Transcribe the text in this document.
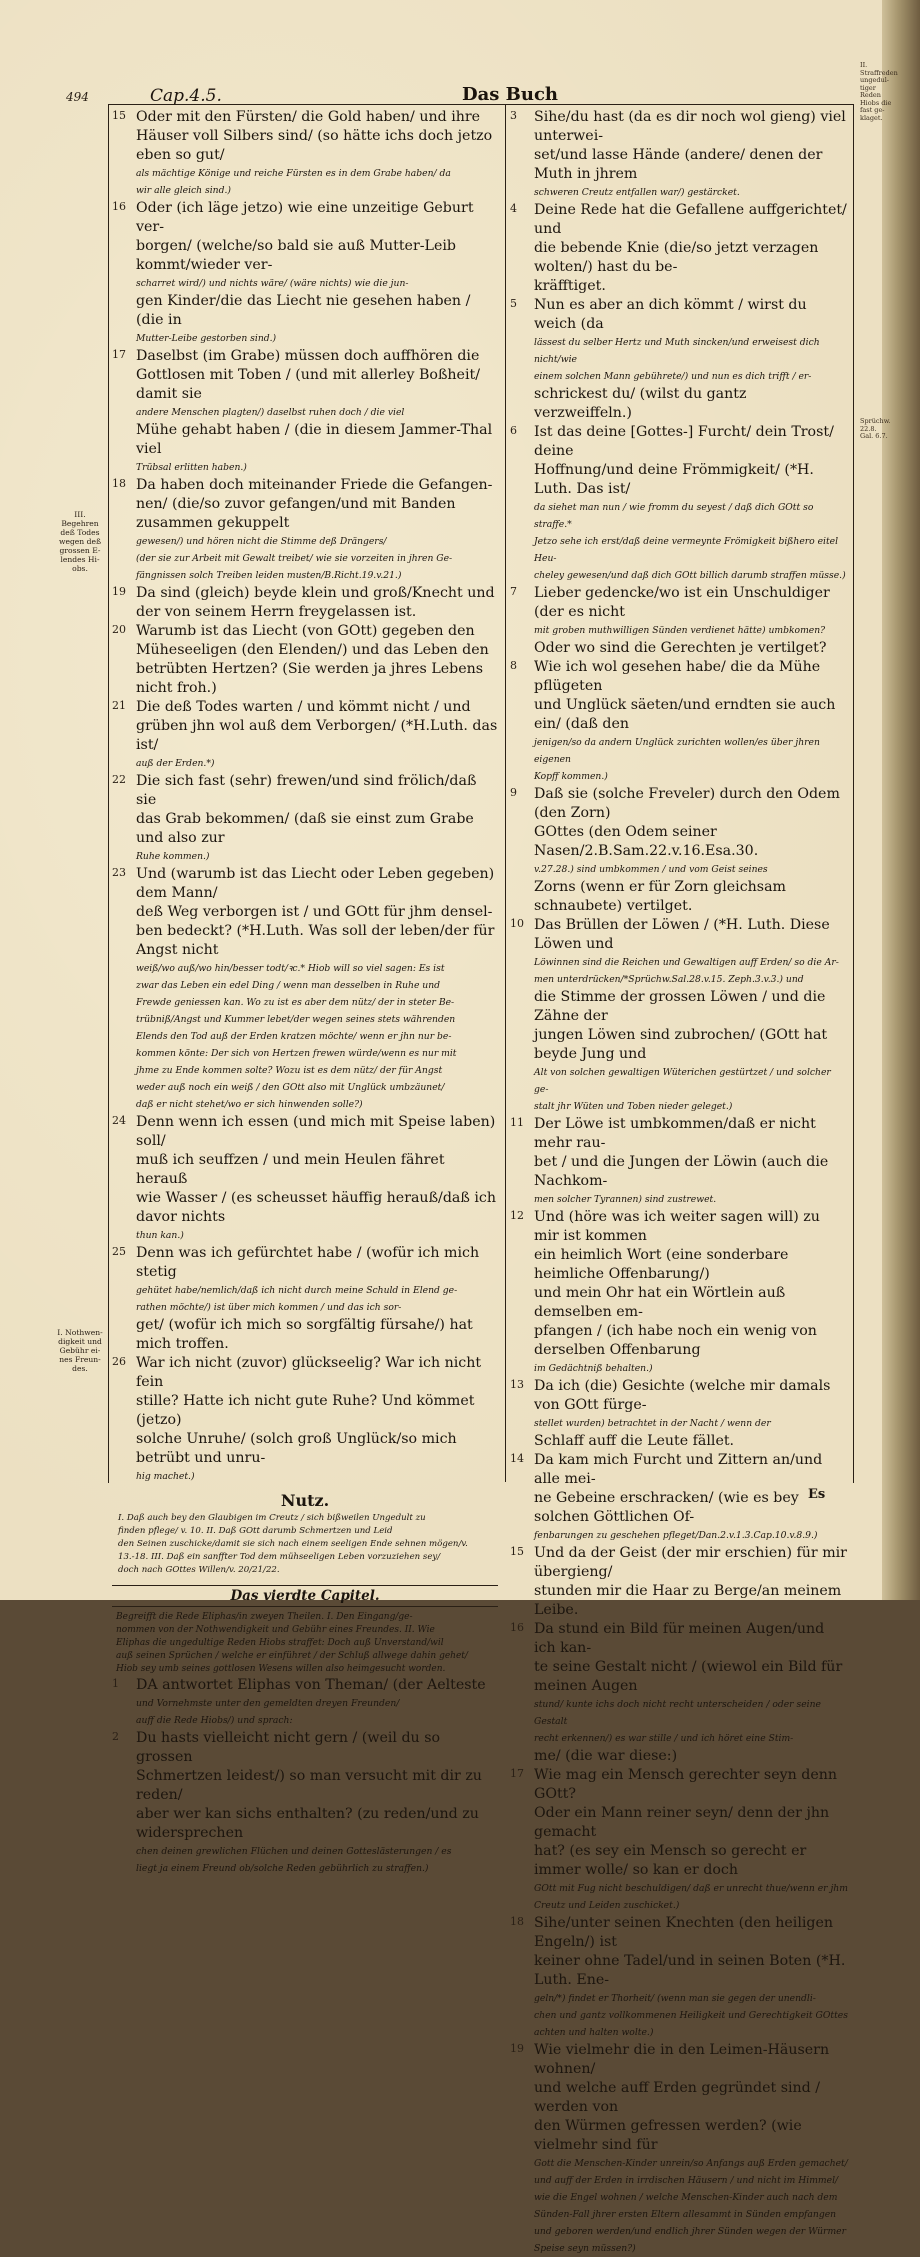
494	Cap.4.5.	Das Buch
III. Begehren deß Todes wegen deß grossen E- lendes Hi- obs.
I. Nothwen- digkeit und Gebühr ei- nes Freun- des.
15 Oder mit den Fürsten/ die Gold haben/ und ihre
Häuser voll Silbers sind/ (so hätte ichs doch jetzo eben so gut/
als mächtige Könige und reiche Fürsten es in dem Grabe haben/ da
wir alle gleich sind.)
16 Oder (ich läge jetzo) wie eine unzeitige Geburt ver-
borgen/ (welche/so bald sie auß Mutter-Leib kommt/wieder ver-
scharret wird/) und nichts wäre/ (wäre nichts) wie die jun-
gen Kinder/die das Liecht nie gesehen haben / (die in
Mutter-Leibe gestorben sind.)
17 Daselbst (im Grabe) müssen doch auffhören die
Gottlosen mit Toben / (und mit allerley Boßheit/ damit sie
andere Menschen plagten/) daselbst ruhen doch / die viel
Mühe gehabt haben / (die in diesem Jammer-Thal viel
Trübsal erlitten haben.)
18 Da haben doch miteinander Friede die Gefangen-
nen/ (die/so zuvor gefangen/und mit Banden zusammen gekuppelt
gewesen/) und hören nicht die Stimme deß Drängers/
(der sie zur Arbeit mit Gewalt treibet/ wie sie vorzeiten in jhren Ge-
fängnissen solch Treiben leiden musten/B.Richt.19.v.21.)
19 Da sind (gleich) beyde klein und groß/Knecht und
der von seinem Herrn freygelassen ist.
20 Warumb ist das Liecht (von GOtt) gegeben den
Müheseeligen (den Elenden/) und das Leben den
betrübten Hertzen? (Sie werden ja jhres Lebens nicht froh.)
21 Die deß Todes warten / und kömmt nicht / und
grüben jhn wol auß dem Verborgen/ (*H.Luth. das ist/
auß der Erden.*)
22 Die sich fast (sehr) frewen/und sind frölich/daß sie
das Grab bekommen/ (daß sie einst zum Grabe und also zur
Ruhe kommen.)
23 Und (warumb ist das Liecht oder Leben gegeben) dem Mann/
deß Weg verborgen ist / und GOtt für jhm densel-
ben bedeckt? (*H.Luth. Was soll der leben/der für Angst nicht
weiß/wo auß/wo hin/besser todt/ꝛc.* Hiob will so viel sagen: Es ist
zwar das Leben ein edel Ding / wenn man desselben in Ruhe und
Frewde geniessen kan. Wo zu ist es aber dem nütz/ der in steter Be-
trübniß/Angst und Kummer lebet/der wegen seines stets währenden
Elends den Tod auß der Erden kratzen möchte/ wenn er jhn nur be-
kommen könte: Der sich von Hertzen frewen würde/wenn es nur mit
jhme zu Ende kommen solte? Wozu ist es dem nütz/ der für Angst
weder auß noch ein weiß / den GOtt also mit Unglück umbzäunet/
daß er nicht stehet/wo er sich hinwenden solle?)
24 Denn wenn ich essen (und mich mit Speise laben) soll/
muß ich seuffzen / und mein Heulen fähret herauß
wie Wasser / (es scheusset häuffig herauß/daß ich davor nichts
thun kan.)
25 Denn was ich gefürchtet habe / (wofür ich mich stetig
gehütet habe/nemlich/daß ich nicht durch meine Schuld in Elend ge-
rathen möchte/) ist über mich kommen / und das ich sor-
get/ (wofür ich mich so sorgfältig fürsahe/) hat mich troffen.
26 War ich nicht (zuvor) glückseelig? War ich nicht fein
stille? Hatte ich nicht gute Ruhe? Und kömmet (jetzo)
solche Unruhe/ (solch groß Unglück/so mich betrübt und unru-
hig machet.)
Nutz.
I. Daß auch bey den Glaubigen im Creutz / sich bißweilen Ungedult zu
finden pflege/ v. 10. II. Daß GOtt darumb Schmertzen und Leid
den Seinen zuschicke/damit sie sich nach einem seeligen Ende sehnen mögen/v.
13.-18. III. Daß ein sanffter Tod dem mühseeligen Leben vorzuziehen sey/
doch nach GOttes Willen/v. 20/21/22.
Das vierdte Capitel.
Begreifft die Rede Eliphas/in zweyen Theilen. I. Den Eingang/ge-
nommen von der Nothwendigkeit und Gebühr eines Freundes. II. Wie
Eliphas die ungedultige Reden Hiobs straffet: Doch auß Unverstand/wil
auß seinen Sprüchen / welche er einführet / der Schluß allwege dahin gehet/
Hiob sey umb seines gottlosen Wesens willen also heimgesucht worden.
1	DA antwortet Eliphas von Theman/ (der Aelteste
und Vornehmste unter den gemeldten dreyen Freunden/
auff die Rede Hiobs/) und sprach:
2	Du hasts vielleicht nicht gern / (weil du so grossen
Schmertzen leidest/) so man versucht mit dir zu reden/
aber wer kan sichs enthalten? (zu reden/und zu widersprechen
chen deinen grewlichen Flüchen und deinen Gotteslästerungen / es
liegt ja einem Freund ob/solche Reden gebührlich zu straffen.)
3	Sihe/du hast (da es dir noch wol gieng) viel unterwei-
set/und lasse Hände (andere/ denen der Muth in jhrem
schweren Creutz entfallen war/) gestärcket.
4	Deine Rede hat die Gefallene auffgerichtet/ und
die bebende Knie (die/so jetzt verzagen wolten/) hast du be-
kräfftiget.
5	Nun es aber an dich kömmt / wirst du weich (da
lässest du selber Hertz und Muth sincken/und erweisest dich nicht/wie
einem solchen Mann gebührete/) und nun es dich trifft / er-
schrickest du/ (wilst du gantz verzweiffeln.)
6	Ist das deine [Gottes-] Furcht/ dein Trost/ deine
Hoffnung/und deine Frömmigkeit/ (*H. Luth. Das ist/
da siehet man nun / wie fromm du seyest / daß dich GOtt so straffe.*
Jetzo sehe ich erst/daß deine vermeynte Frömigkeit bißhero eitel Heu-
cheley gewesen/und daß dich GOtt billich darumb straffen müsse.)
7	Lieber gedencke/wo ist ein Unschuldiger (der es nicht
mit groben muthwilligen Sünden verdienet hätte) umbkomen?
Oder wo sind die Gerechten je vertilget?
8	Wie ich wol gesehen habe/ die da Mühe pflügeten
und Unglück säeten/und erndten sie auch ein/ (daß den
jenigen/so da andern Unglück zurichten wollen/es über jhren eigenen
Kopff kommen.)
9	Daß sie (solche Freveler) durch den Odem (den Zorn)
GOttes (den Odem seiner Nasen/2.B.Sam.22.v.16.Esa.30.
v.27.28.) sind umbkommen / und vom Geist seines
Zorns (wenn er für Zorn gleichsam schnaubete) vertilget.
10 Das Brüllen der Löwen / (*H. Luth. Diese Löwen und
Löwinnen sind die Reichen und Gewaltigen auff Erden/ so die Ar-
men unterdrücken/*Sprüchw.Sal.28.v.15. Zeph.3.v.3.) und
die Stimme der grossen Löwen / und die Zähne der
jungen Löwen sind zubrochen/ (GOtt hat beyde Jung und
Alt von solchen gewaltigen Wüterichen gestürtzet / und solcher ge-
stalt jhr Wüten und Toben nieder geleget.)
11 Der Löwe ist umbkommen/daß er nicht mehr rau-
bet / und die Jungen der Löwin (auch die Nachkom-
men solcher Tyrannen) sind zustrewet.
12 Und (höre was ich weiter sagen will) zu mir ist kommen
ein heimlich Wort (eine sonderbare heimliche Offenbarung/)
und mein Ohr hat ein Wörtlein auß demselben em-
pfangen / (ich habe noch ein wenig von derselben Offenbarung
im Gedächtniß behalten.)
13 Da ich (die) Gesichte (welche mir damals von GOtt fürge-
stellet wurden) betrachtet in der Nacht / wenn der
Schlaff auff die Leute fället.
14 Da kam mich Furcht und Zittern an/und alle mei-
ne Gebeine erschracken/ (wie es bey solchen Göttlichen Of-
fenbarungen zu geschehen pfleget/Dan.2.v.1.3.Cap.10.v.8.9.)
15 Und da der Geist (der mir erschien) für mir übergieng/
stunden mir die Haar zu Berge/an meinem Leibe.
16 Da stund ein Bild für meinen Augen/und ich kan-
te seine Gestalt nicht / (wiewol ein Bild für meinen Augen
stund/ kunte ichs doch nicht recht unterscheiden / oder seine Gestalt
recht erkennen/) es war stille / und ich höret eine Stim-
me/ (die war diese:)
17 Wie mag ein Mensch gerechter seyn denn GOtt?
Oder ein Mann reiner seyn/ denn der jhn gemacht
hat? (es sey ein Mensch so gerecht er immer wolle/ so kan er doch
GOtt mit Fug nicht beschuldigen/ daß er unrecht thue/wenn er jhm
Creutz und Leiden zuschicket.)
18 Sihe/unter seinen Knechten (den heiligen Engeln/) ist
keiner ohne Tadel/und in seinen Boten (*H. Luth. Ene-
geln/*) findet er Thorheit/ (wenn man sie gegen der unendli-
chen und gantz vollkommenen Heiligkeit und Gerechtigkeit GOttes
achten und halten wolte.)
19 Wie vielmehr die in den Leimen-Häusern wohnen/
und welche auff Erden gegründet sind / werden von
den Würmen gefressen werden? (wie vielmehr sind für
Gott die Menschen-Kinder unrein/so Anfangs auß Erden gemachet/
und auff der Erden in irrdischen Häusern / und nicht im Himmel/
wie die Engel wohnen / welche Menschen-Kinder auch nach dem
Sünden-Fall jhrer ersten Eltern allesammt in Sünden empfangen
und geboren werden/und endlich jhrer Sünden wegen der Würmer
Speise seyn müssen?)
Es
II. Straffreden ungedul- tiger Reden Hiobs die fast ge- klaget.
Sprüchw. 22.8. Gal. 6.7.
